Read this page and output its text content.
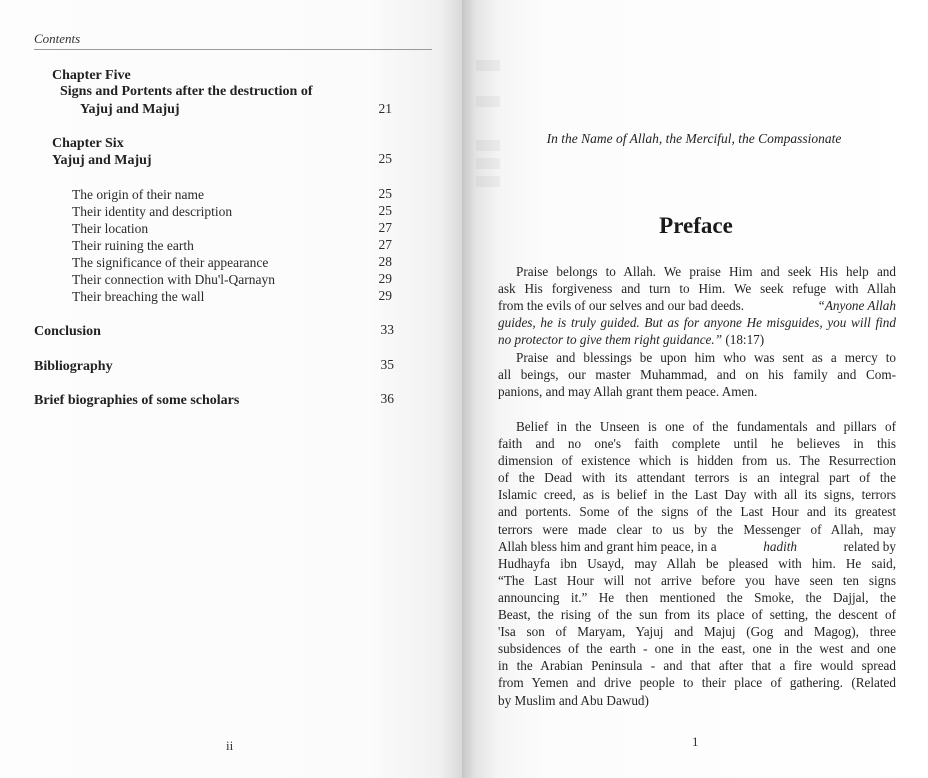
Contents
Chapter Five
Signs and Portents after the destruction of
Yajuj and Majuj	21
Chapter Six
Yajuj and Majuj	25
The origin of their name	25
Their identity and description	25
Their location	27
Their ruining the earth	27
The significance of their appearance	28
Their connection with Dhu'l-Qarnayn	29
Their breaching the wall	29
Conclusion	33
Bibliography	35
Brief biographies of some scholars	36
ii
In the Name of Allah, the Merciful, the Compassionate
Preface
Praise belongs to Allah. We praise Him and seek His help and
ask His forgiveness and turn to Him. We seek refuge with Allah
from the evils of our selves and our bad deeds.	“Anyone Allah
guides, he is truly guided. But as for anyone He misguides, you will find
no protector to give them right guidance.” (18:17)
Praise and blessings be upon him who was sent as a mercy to
all beings, our master Muhammad, and on his family and Com-
panions, and may Allah grant them peace. Amen.
Belief in the Unseen is one of the fundamentals and pillars of
faith and no one's faith complete until he believes in this
dimension of existence which is hidden from us. The Resurrection
of the Dead with its attendant terrors is an integral part of the
Islamic creed, as is belief in the Last Day with all its signs, terrors
and portents. Some of the signs of the Last Hour and its greatest
terrors were made clear to us by the Messenger of Allah, may
Allah bless him and grant him peace, in a	hadith	related by
Hudhayfa ibn Usayd, may Allah be pleased with him. He said,
“The Last Hour will not arrive before you have seen ten signs
announcing it.” He then mentioned the Smoke, the Dajjal, the
Beast, the rising of the sun from its place of setting, the descent of
'Isa son of Maryam, Yajuj and Majuj (Gog and Magog), three
subsidences of the earth - one in the east, one in the west and one
in the Arabian Peninsula - and that after that a fire would spread
from Yemen and drive people to their place of gathering. (Related
by Muslim and Abu Dawud)
1
